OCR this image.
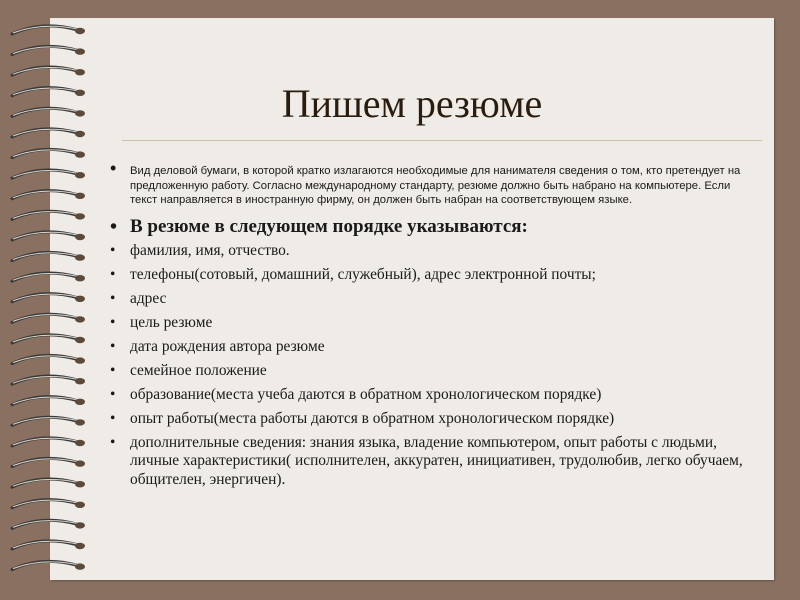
Пишем резюме
• Вид деловой бумаги, в которой кратко излагаются необходимые для нанимателя сведения о том, кто претендует на предложенную работу. Согласно международному стандарту, резюме должно быть набрано на компьютере. Если текст направляется в иностранную фирму, он должен быть набран на соответствующем языке.
• В резюме в следующем порядке указываются:
• фамилия, имя, отчество.
• телефоны(сотовый, домашний, служебный), адрес электронной почты;
• адрес
• цель резюме
• дата рождения автора резюме
• семейное положение
• образование(места учеба даются в обратном хронологическом порядке)
• опыт работы(места работы даются в обратном хронологическом порядке)
• дополнительные сведения: знания языка, владение компьютером, опыт работы с людьми, личные характеристики( исполнителен, аккуратен, инициативен, трудолюбив, легко обучаем, общителен, энергичен).
